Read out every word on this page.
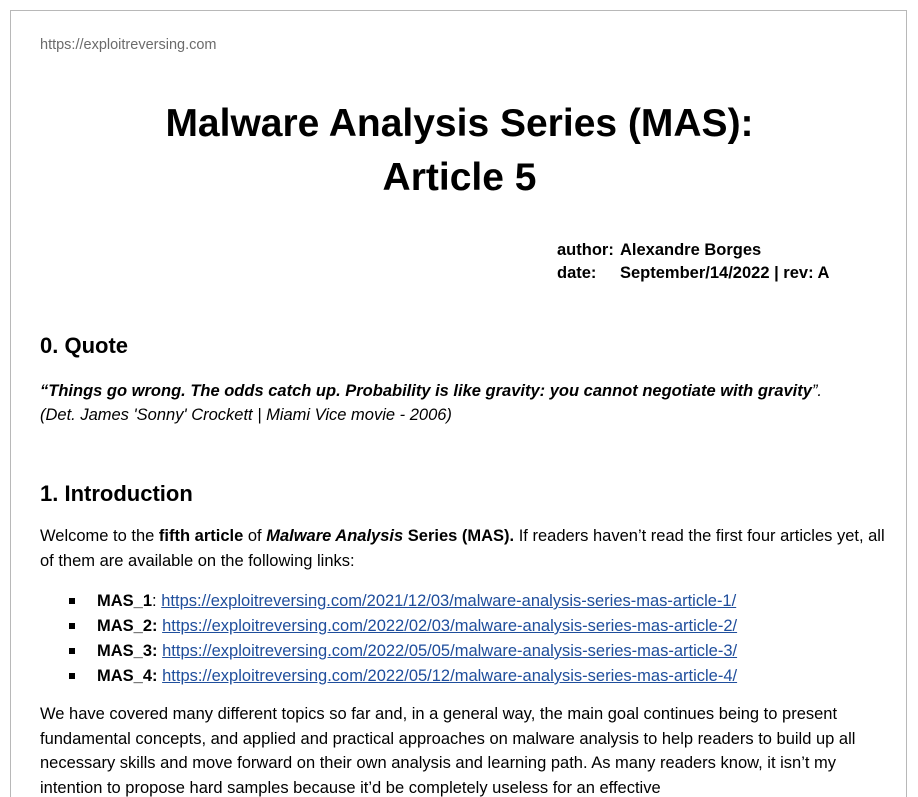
https://exploitreversing.com
Malware Analysis Series (MAS):
Article 5
author: Alexandre Borges
date: September/14/2022 | rev: A
0. Quote
“Things go wrong. The odds catch up. Probability is like gravity: you cannot negotiate with gravity”.
(Det. James 'Sonny' Crockett | Miami Vice movie - 2006)
1. Introduction
Welcome to the fifth article of Malware Analysis Series (MAS). If readers haven’t read the first four articles yet, all of them are available on the following links:
MAS_1: https://exploitreversing.com/2021/12/03/malware-analysis-series-mas-article-1/
MAS_2: https://exploitreversing.com/2022/02/03/malware-analysis-series-mas-article-2/
MAS_3: https://exploitreversing.com/2022/05/05/malware-analysis-series-mas-article-3/
MAS_4: https://exploitreversing.com/2022/05/12/malware-analysis-series-mas-article-4/
We have covered many different topics so far and, in a general way, the main goal continues being to present fundamental concepts, and applied and practical approaches on malware analysis to help readers to build up all necessary skills and move forward on their own analysis and learning path. As many readers know, it isn’t my intention to propose hard samples because it’d be completely useless for an effective
